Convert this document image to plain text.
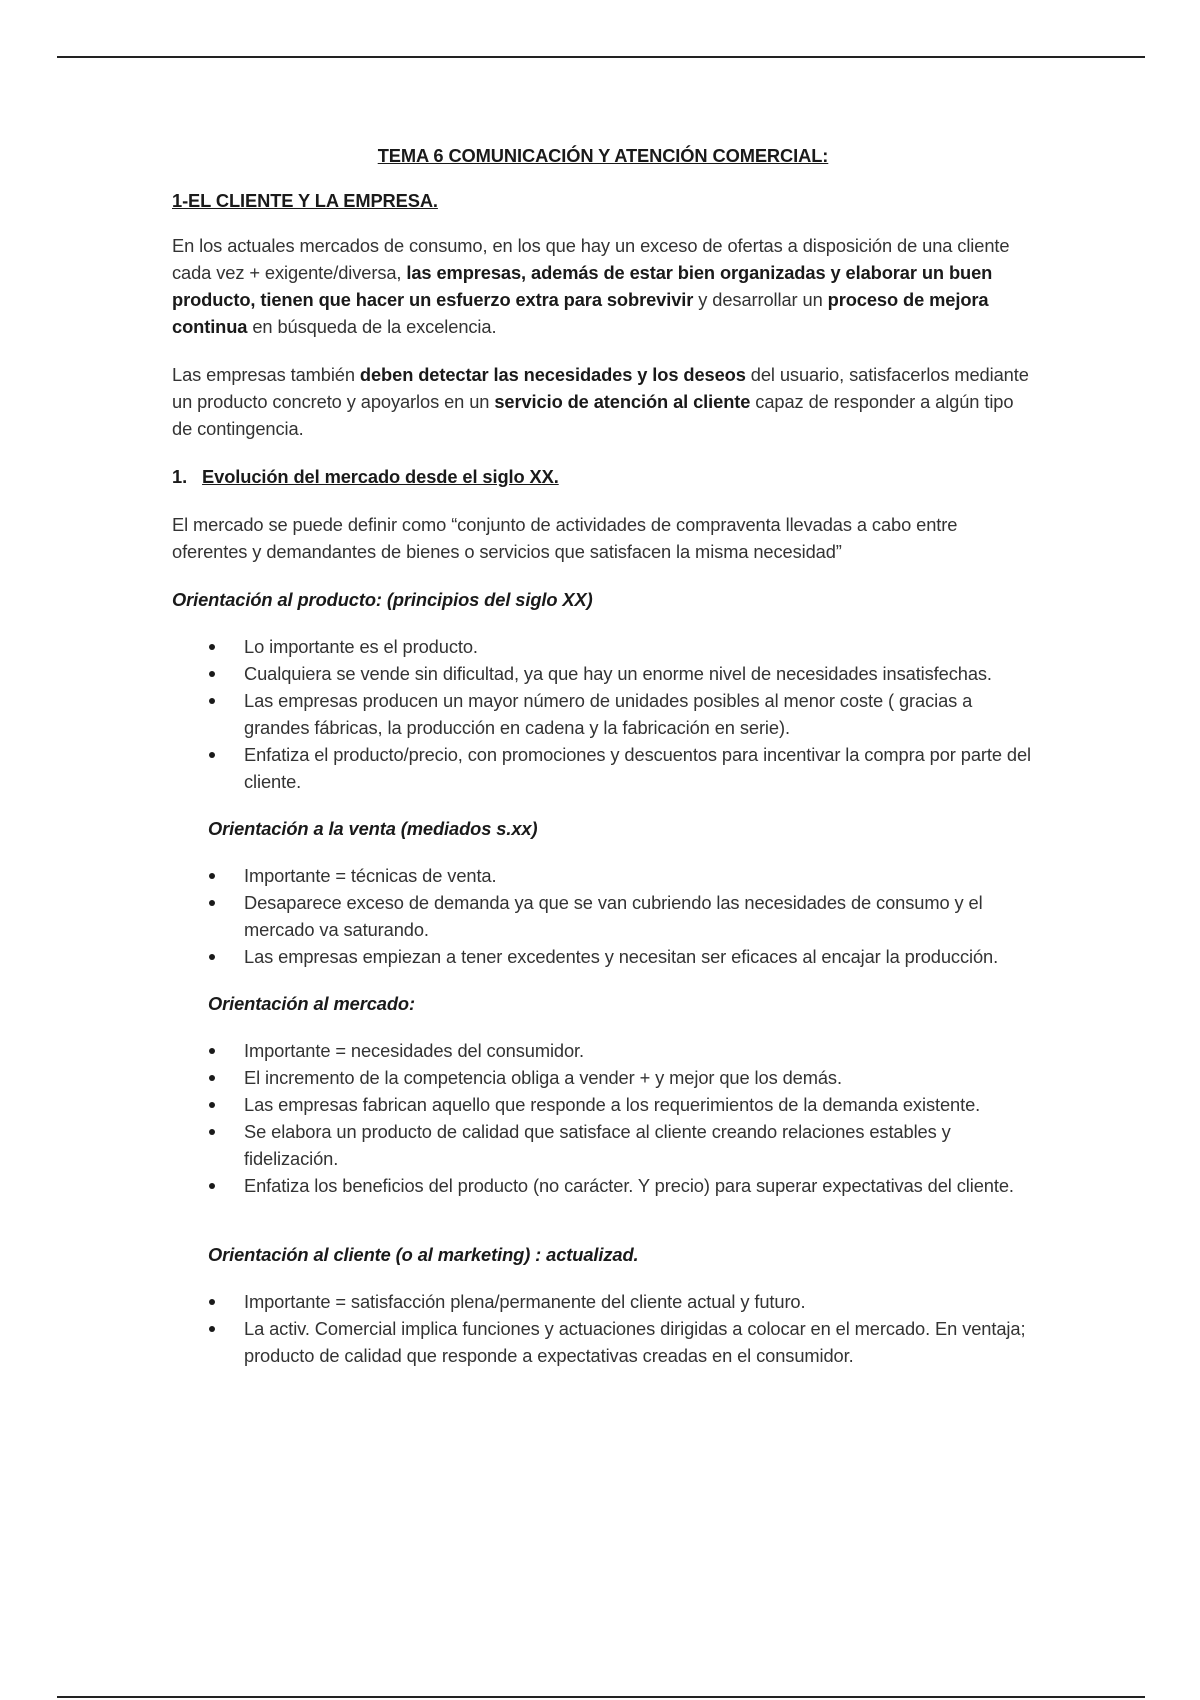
TEMA 6 COMUNICACIÓN Y ATENCIÓN COMERCIAL:
1-EL CLIENTE Y LA EMPRESA.

En los actuales mercados de consumo, en los que hay un exceso de ofertas a disposición de una cliente cada vez + exigente/diversa, las empresas, además de estar bien organizadas y elaborar un buen producto, tienen que hacer un esfuerzo extra para sobrevivir y desarrollar un proceso de mejora continua en búsqueda de la excelencia.

Las empresas también deben detectar las necesidades y los deseos del usuario, satisfacerlos mediante un producto concreto y apoyarlos en un servicio de atención al cliente capaz de responder a algún tipo de contingencia.

1. Evolución del mercado desde el siglo XX.

El mercado se puede definir como “conjunto de actividades de compraventa llevadas a cabo entre oferentes y demandantes de bienes o servicios que satisfacen la misma necesidad”

Orientación al producto: (principios del siglo XX)
Lo importante es el producto.
Cualquiera se vende sin dificultad, ya que hay un enorme nivel de necesidades insatisfechas.
Las empresas producen un mayor número de unidades posibles al menor coste ( gracias a grandes fábricas, la producción en cadena y la fabricación en serie).
Enfatiza el producto/precio, con promociones y descuentos para incentivar la compra por parte del cliente.
Orientación a la venta (mediados s.xx)
Importante = técnicas de venta.
Desaparece exceso de demanda ya que se van cubriendo las necesidades de consumo y el mercado va saturando.
Las empresas empiezan a tener excedentes y necesitan ser eficaces al encajar la producción.
Orientación al mercado:
Importante = necesidades del consumidor.
El incremento de la competencia obliga a vender + y mejor que los demás.
Las empresas fabrican aquello que responde a los requerimientos de la demanda existente.
Se elabora un producto de calidad que satisface al cliente creando relaciones estables y fidelización.
Enfatiza los beneficios del producto (no carácter. Y precio) para superar expectativas del cliente.
Orientación al cliente (o al marketing) : actualizad.
Importante = satisfacción plena/permanente del cliente actual y futuro.
La activ. Comercial implica funciones y actuaciones dirigidas a colocar en el mercado. En ventaja; producto de calidad que responde a expectativas creadas en el consumidor.
